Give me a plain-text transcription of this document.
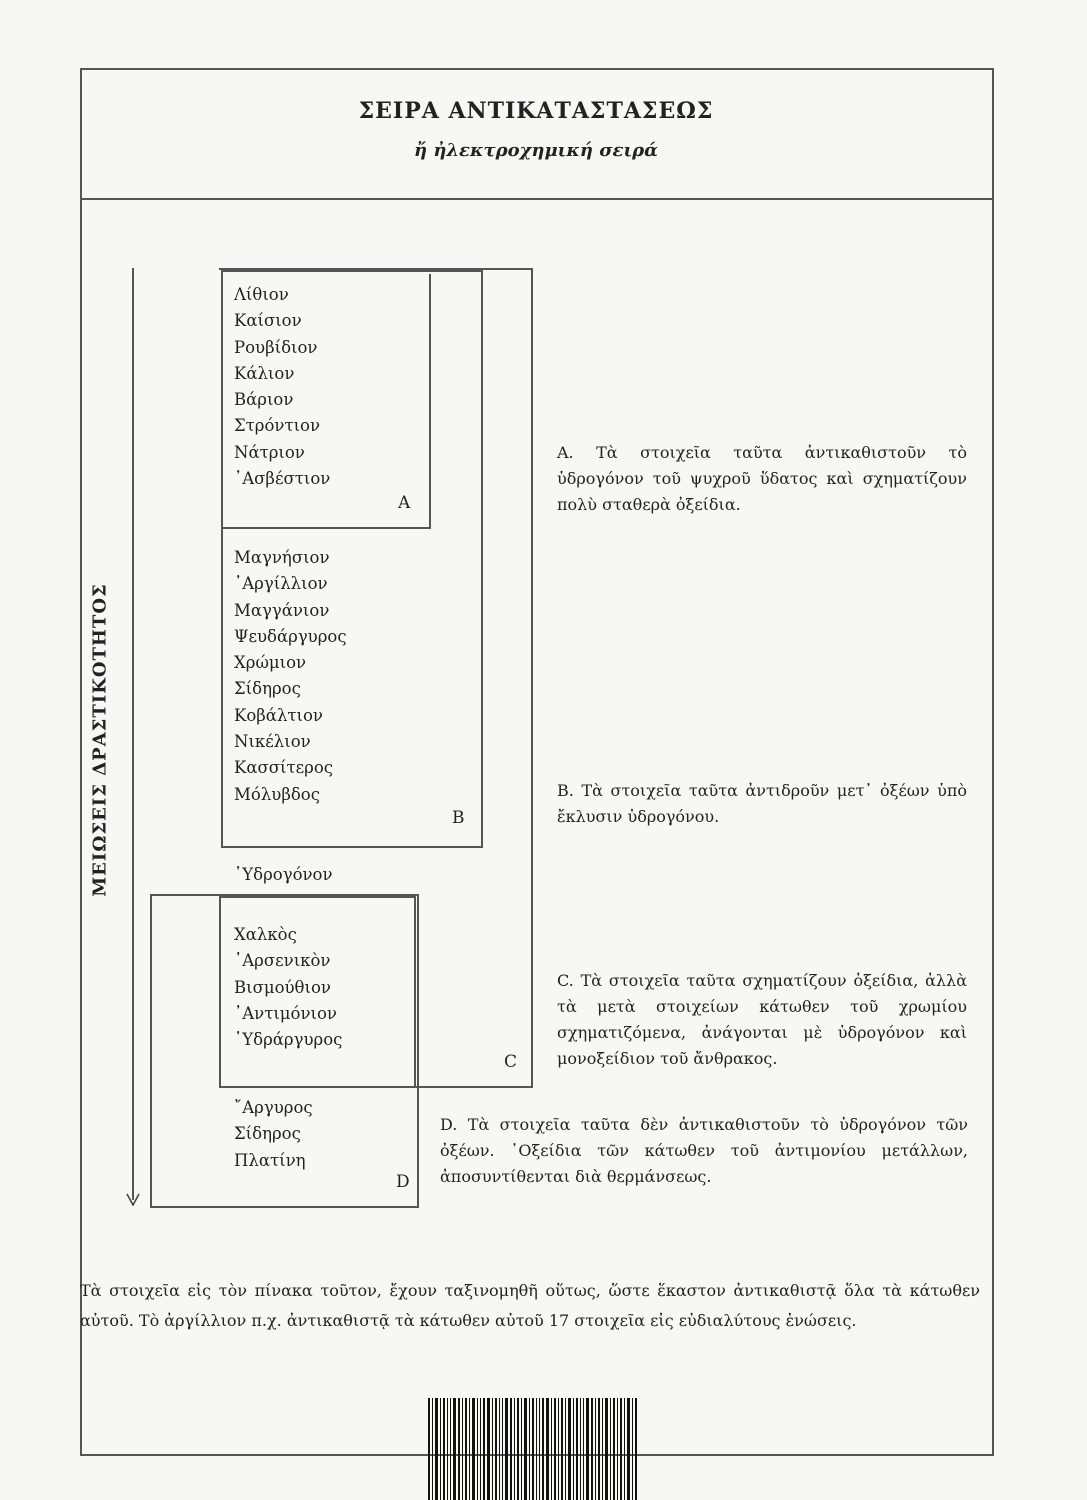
ΣΕΙΡΑ ΑΝΤΙΚΑΤΑΣΤΑΣΕΩΣ
ἤ ἠλεκτροχημική σειρά
ΜΕΙΩΣΕΙΣ ΔΡΑΣΤΙΚΟΤΗΤΟΣ
Λίθιον
Καίσιον
Ρουβίδιον
Κάλιον
Βάριον
Στρόντιον
Νάτριον
᾿Ασβέστιον
A
Μαγνήσιον
᾿Αργίλλιον
Μαγγάνιον
Ψευδάργυρος
Χρώμιον
Σίδηρος
Κοβάλτιον
Νικέλιον
Κασσίτερος
Μόλυβδος
B
῾Υδρογόνον
Χαλκὸς
᾿Αρσενικὸν
Βισμούθιον
᾿Αντιμόνιον
῾Υδράργυρος
C
῎Αργυρος
Σίδηρος
Πλατίνη
D
A. Τὰ στοιχεῖα ταῦτα ἀντικαθιστοῦν τὸ ὑδρογόνον τοῦ ψυχροῦ ὕδατος καὶ σχηματίζουν πολὺ σταθερὰ ὀξείδια.
B. Τὰ στοιχεῖα ταῦτα ἀντιδροῦν μετ᾿ ὀξέων ὑπὸ ἔκλυσιν ὑδρογόνου.
C. Τὰ στοιχεῖα ταῦτα σχηματίζουν ὀξείδια, ἀλλὰ τὰ μετὰ στοιχείων κάτωθεν τοῦ χρωμίου σχηματιζόμενα, ἀνάγονται μὲ ὑδρογόνον καὶ μονοξείδιον τοῦ ἄνθρακος.
D. Τὰ στοιχεῖα ταῦτα δὲν ἀντικαθιστοῦν τὸ ὑδρογόνον τῶν ὀξέων. ᾿Οξείδια τῶν κάτωθεν τοῦ ἀντιμονίου μετάλλων, ἀποσυντίθενται διὰ θερμάνσεως.
Τὰ στοιχεῖα εἰς τὸν πίνακα τοῦτον, ἔχουν ταξινομηθῆ οὕτως, ὥστε ἕκαστον ἀντικαθιστᾷ ὅλα τὰ κάτωθεν αὐτοῦ. Τὸ ἀργίλλιον π.χ. ἀντικαθιστᾷ τὰ κάτωθεν αὐτοῦ 17 στοιχεῖα εἰς εὐδιαλύτους ἑνώσεις.
